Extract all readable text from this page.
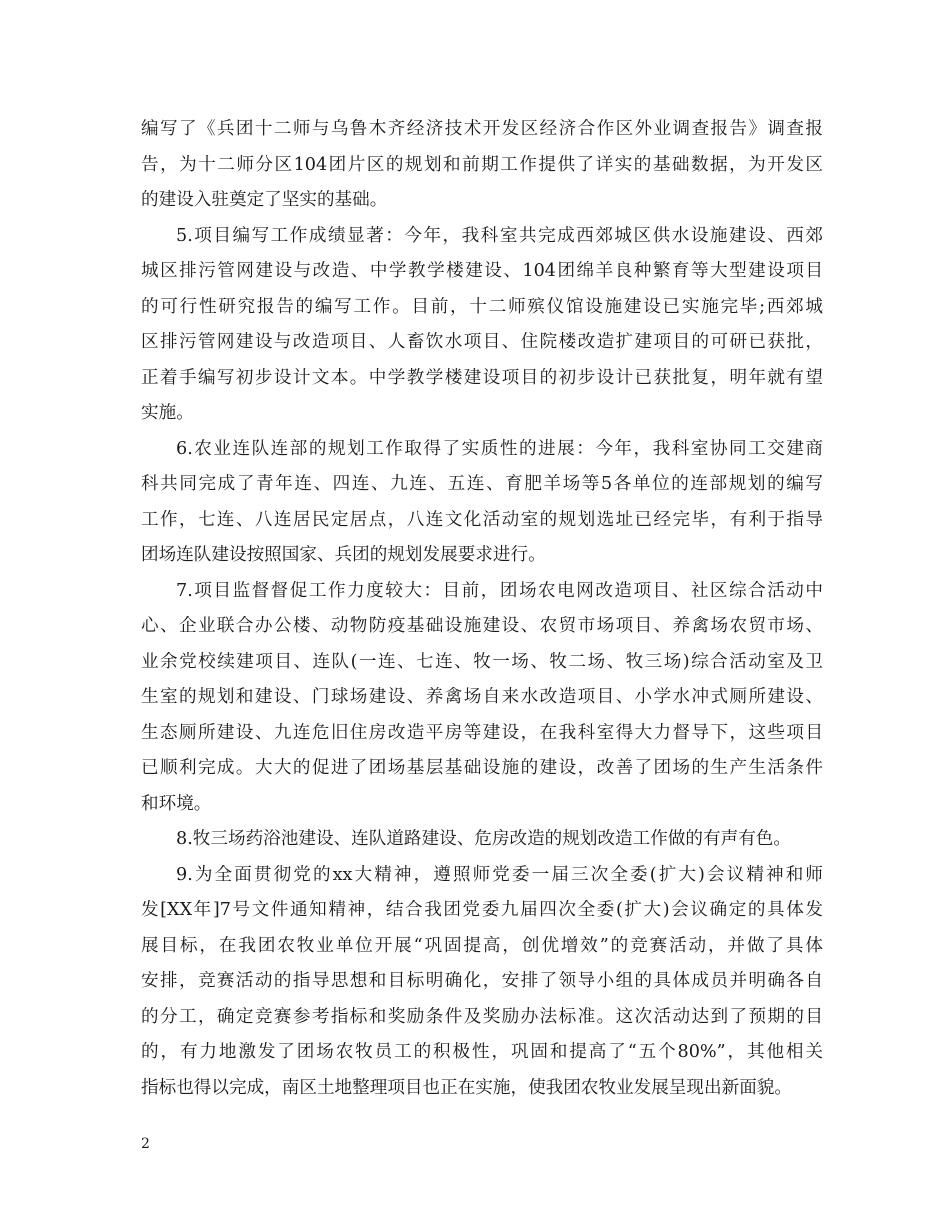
编写了《兵团十二师与乌鲁木齐经济技术开发区经济合作区外业调查报告》调查报
告，为十二师分区104团片区的规划和前期工作提供了详实的基础数据，为开发区
的建设入驻奠定了坚实的基础。
5.项目编写工作成绩显著：今年，我科室共完成西郊城区供水设施建设、西郊
城区排污管网建设与改造、中学教学楼建设、104团绵羊良种繁育等大型建设项目
的可行性研究报告的编写工作。目前，十二师殡仪馆设施建设已实施完毕;西郊城
区排污管网建设与改造项目、人畜饮水项目、住院楼改造扩建项目的可研已获批，
正着手编写初步设计文本。中学教学楼建设项目的初步设计已获批复，明年就有望
实施。
6.农业连队连部的规划工作取得了实质性的进展：今年，我科室协同工交建商
科共同完成了青年连、四连、九连、五连、育肥羊场等5各单位的连部规划的编写
工作，七连、八连居民定居点，八连文化活动室的规划选址已经完毕，有利于指导
团场连队建设按照国家、兵团的规划发展要求进行。
7.项目监督督促工作力度较大：目前，团场农电网改造项目、社区综合活动中
心、企业联合办公楼、动物防疫基础设施建设、农贸市场项目、养禽场农贸市场、
业余党校续建项目、连队(一连、七连、牧一场、牧二场、牧三场)综合活动室及卫
生室的规划和建设、门球场建设、养禽场自来水改造项目、小学水冲式厕所建设、
生态厕所建设、九连危旧住房改造平房等建设，在我科室得大力督导下，这些项目
已顺利完成。大大的促进了团场基层基础设施的建设，改善了团场的生产生活条件
和环境。
8.牧三场药浴池建设、连队道路建设、危房改造的规划改造工作做的有声有色。
9.为全面贯彻党的xx大精神，遵照师党委一届三次全委(扩大)会议精神和师
发[XX年]7号文件通知精神，结合我团党委九届四次全委(扩大)会议确定的具体发
展目标，在我团农牧业单位开展“巩固提高，创优增效”的竞赛活动，并做了具体
安排，竞赛活动的指导思想和目标明确化，安排了领导小组的具体成员并明确各自
的分工，确定竞赛参考指标和奖励条件及奖励办法标准。这次活动达到了预期的目
的，有力地激发了团场农牧员工的积极性，巩固和提高了“五个80%”，其他相关
指标也得以完成，南区土地整理项目也正在实施，使我团农牧业发展呈现出新面貌。
2
